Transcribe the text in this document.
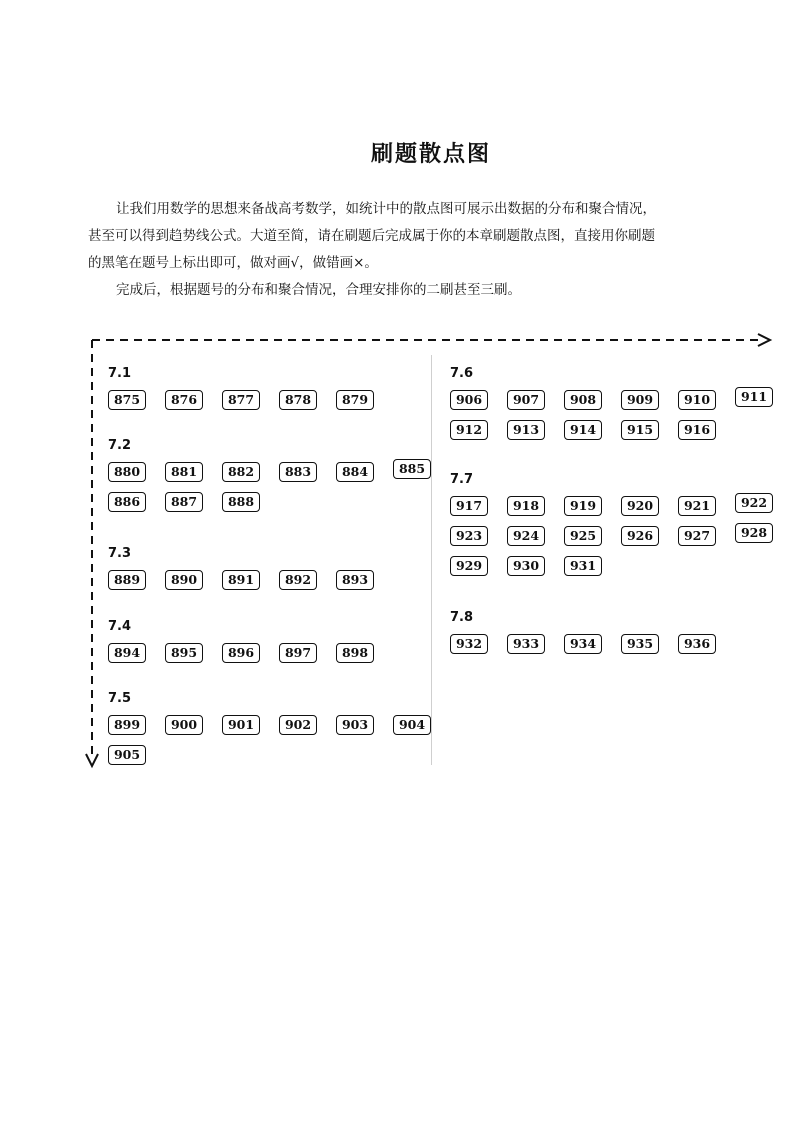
刷题散点图

让我们用数学的思想来备战高考数学，如统计中的散点图可展示出数据的分布和聚合情况，

甚至可以得到趋势线公式。大道至简，请在刷题后完成属于你的本章刷题散点图，直接用你刷题

的黑笔在题号上标出即可，做对画√，做错画×。

完成后，根据题号的分布和聚合情况，合理安排你的二刷甚至三刷。

7.1
875	876	877	878	879
7.2
880	881	882	883	884	885
886	887	888
7.3
889	890	891	892	893
7.4
894	895	896	897	898
7.5
899	900	901	902	903	904
905
7.6
906	907	908	909	910	911
912	913	914	915	916
7.7
917	918	919	920	921	922
923	924	925	926	927	928
929	930	931
7.8
932	933	934	935	936
